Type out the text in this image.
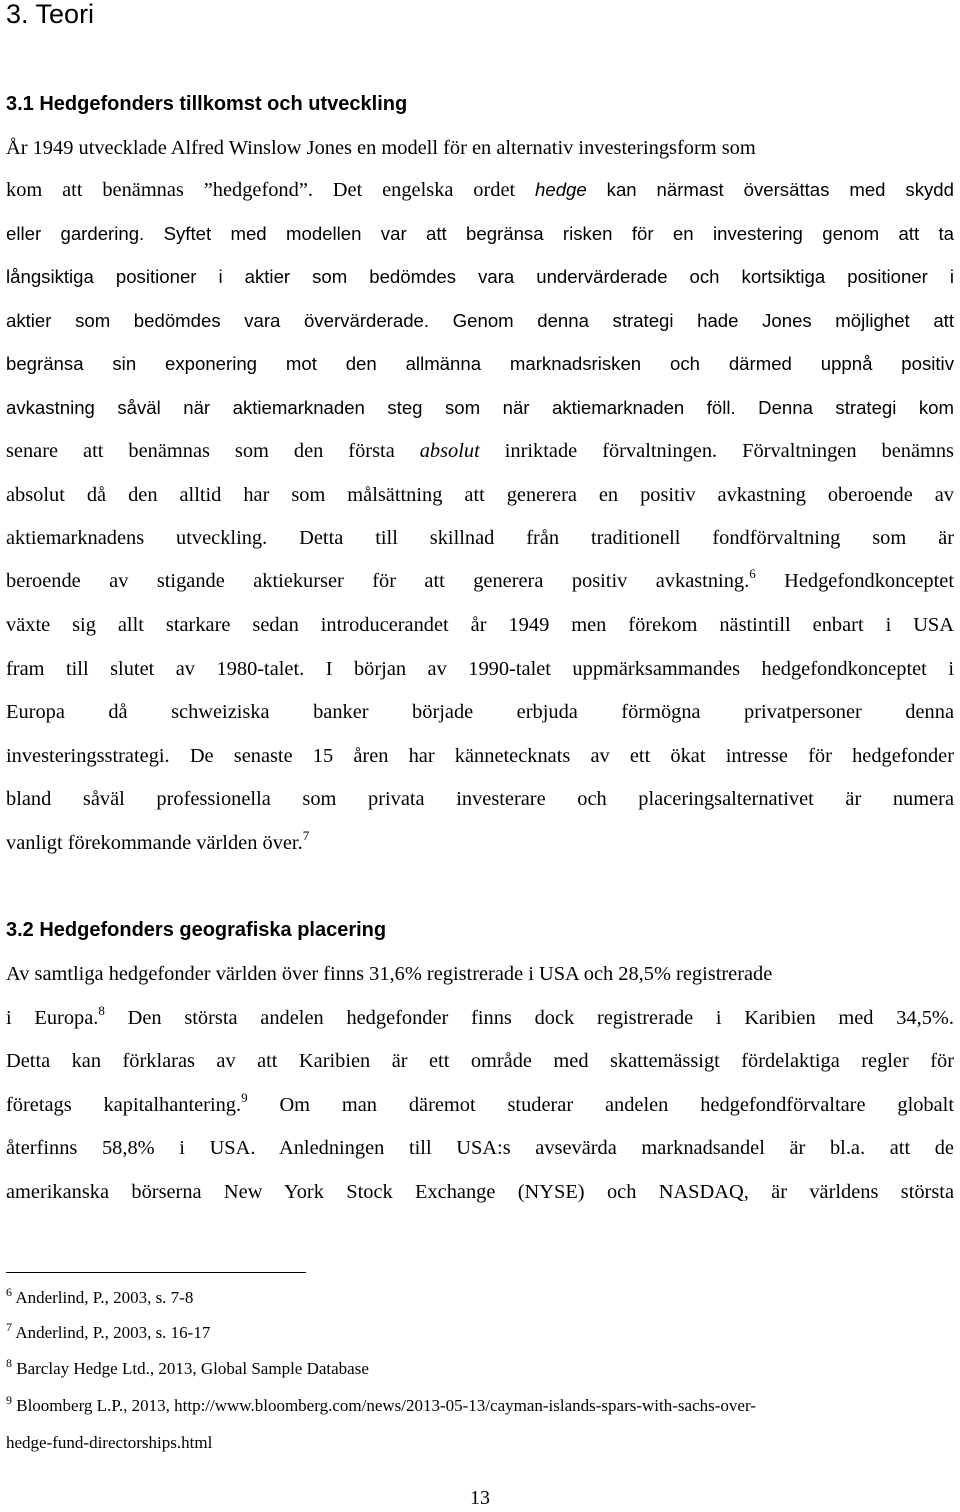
3. Teori
3.1 Hedgefonders tillkomst och utveckling
År 1949 utvecklade Alfred Winslow Jones en modell för en alternativ investeringsform som
kom att benämnas ”hedgefond”. Det engelska ordet hedge kan närmast översättas med skydd
eller gardering. Syftet med modellen var att begränsa risken för en investering genom att ta
långsiktiga positioner i aktier som bedömdes vara undervärderade och kortsiktiga positioner i
aktier som bedömdes vara övervärderade. Genom denna strategi hade Jones möjlighet att
begränsa sin exponering mot den allmänna marknadsrisken och därmed uppnå positiv
avkastning såväl när aktiemarknaden steg som när aktiemarknaden föll. Denna strategi kom
senare att benämnas som den första absolut inriktade förvaltningen. Förvaltningen benämns
absolut då den alltid har som målsättning att generera en positiv avkastning oberoende av
aktiemarknadens utveckling. Detta till skillnad från traditionell fondförvaltning som är
beroende av stigande aktiekurser för att generera positiv avkastning.$^6$ Hedgefondkonceptet
växte sig allt starkare sedan introducerandet år 1949 men förekom nästintill enbart i USA
fram till slutet av 1980-talet. I början av 1990-talet uppmärksammandes hedgefondkonceptet i
Europa då schweiziska banker började erbjuda förmögna privatpersoner denna
investeringsstrategi. De senaste 15 åren har kännetecknats av ett ökat intresse för hedgefonder
bland såväl professionella som privata investerare och placeringsalternativet är numera
vanligt förekommande världen över.$^7$
3.2 Hedgefonders geografiska placering
Av samtliga hedgefonder världen över finns 31,6% registrerade i USA och 28,5% registrerade
i Europa.$^8$ Den största andelen hedgefonder finns dock registrerade i Karibien med 34,5%.
Detta kan förklaras av att Karibien är ett område med skattemässigt fördelaktiga regler för
företags kapitalhantering.$^9$ Om man däremot studerar andelen hedgefondförvaltare globalt
återfinns 58,8% i USA. Anledningen till USA:s avsevärda marknadsandel är bl.a. att de
amerikanska börserna New York Stock Exchange (NYSE) och NASDAQ, är världens största
$^6$ Anderlind, P., 2003, s. 7-8
$^7$ Anderlind, P., 2003, s. 16-17
$^8$ Barclay Hedge Ltd., 2013, Global Sample Database
$^9$ Bloomberg L.P., 2013, http://www.bloomberg.com/news/2013-05-13/cayman-islands-spars-with-sachs-over-
hedge-fund-directorships.html
13
